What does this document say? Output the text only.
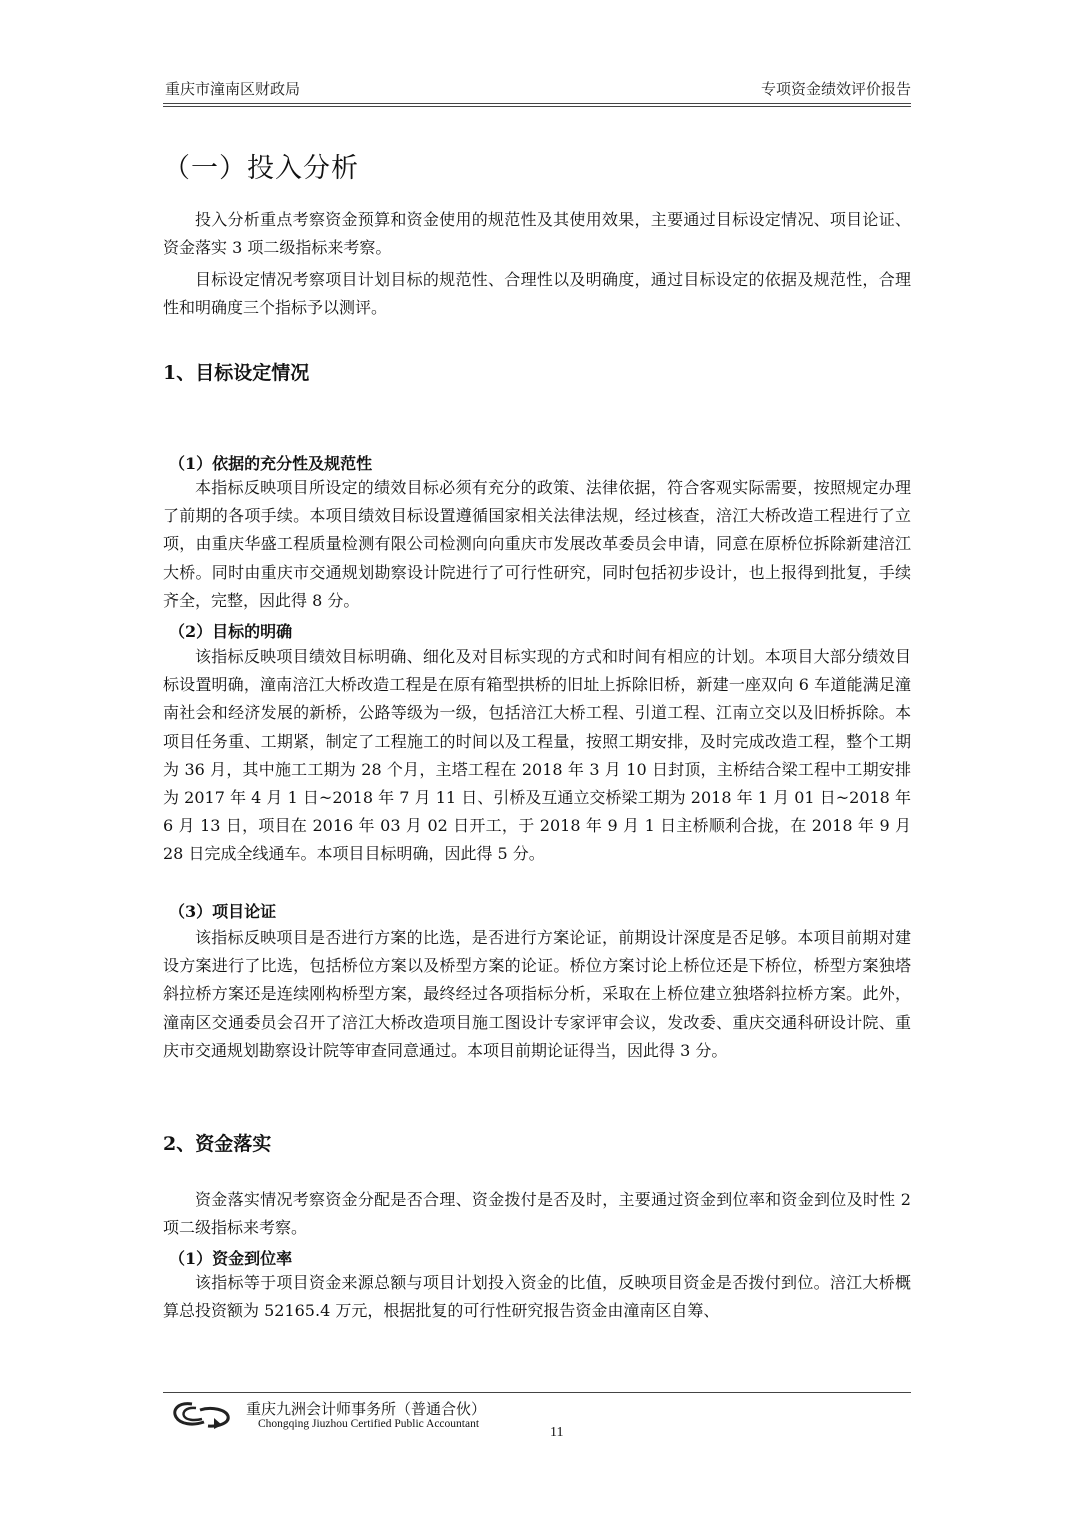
重庆市潼南区财政局	专项资金绩效评价报告
（一）投入分析

投入分析重点考察资金预算和资金使用的规范性及其使用效果，主要通过目标设定情况、项目论证、资金落实 3 项二级指标来考察。

目标设定情况考察项目计划目标的规范性、合理性以及明确度，通过目标设定的依据及规范性，合理性和明确度三个指标予以测评。

1、目标设定情况
（1）依据的充分性及规范性

本指标反映项目所设定的绩效目标必须有充分的政策、法律依据，符合客观实际需要，按照规定办理了前期的各项手续。本项目绩效目标设置遵循国家相关法律法规，经过核查，涪江大桥改造工程进行了立项，由重庆华盛工程质量检测有限公司检测向向重庆市发展改革委员会申请，同意在原桥位拆除新建涪江大桥。同时由重庆市交通规划勘察设计院进行了可行性研究，同时包括初步设计，也上报得到批复，手续齐全，完整，因此得 8 分。

（2）目标的明确

该指标反映项目绩效目标明确、细化及对目标实现的方式和时间有相应的计划。本项目大部分绩效目标设置明确，潼南涪江大桥改造工程是在原有箱型拱桥的旧址上拆除旧桥，新建一座双向 6 车道能满足潼南社会和经济发展的新桥，公路等级为一级，包括涪江大桥工程、引道工程、江南立交以及旧桥拆除。本项目任务重、工期紧，制定了工程施工的时间以及工程量，按照工期安排，及时完成改造工程，整个工期为 36 月，其中施工工期为 28 个月，主塔工程在 2018 年 3 月 10 日封顶，主桥结合梁工程中工期安排为 2017 年 4 月 1 日~2018 年 7 月 11 日、引桥及互通立交桥梁工期为 2018 年 1 月 01 日~2018 年 6 月 13 日，项目在 2016 年 03 月 02 日开工，于 2018 年 9 月 1 日主桥顺利合拢，在 2018 年 9 月 28 日完成全线通车。本项目目标明确，因此得 5 分。

（3）项目论证

该指标反映项目是否进行方案的比选，是否进行方案论证，前期设计深度是否足够。本项目前期对建设方案进行了比选，包括桥位方案以及桥型方案的论证。桥位方案讨论上桥位还是下桥位，桥型方案独塔斜拉桥方案还是连续刚构桥型方案，最终经过各项指标分析，采取在上桥位建立独塔斜拉桥方案。此外，潼南区交通委员会召开了涪江大桥改造项目施工图设计专家评审会议，发改委、重庆交通科研设计院、重庆市交通规划勘察设计院等审查同意通过。本项目前期论证得当，因此得 3 分。

2、资金落实

资金落实情况考察资金分配是否合理、资金拨付是否及时，主要通过资金到位率和资金到位及时性 2 项二级指标来考察。

（1）资金到位率

该指标等于项目资金来源总额与项目计划投入资金的比值，反映项目资金是否拨付到位。涪江大桥概算总投资额为 52165.4 万元，根据批复的可行性研究报告资金由潼南区自筹、

重庆九洲会计师事务所（普通合伙）
Chongqing Jiuzhou Certified Public Accountant
11
